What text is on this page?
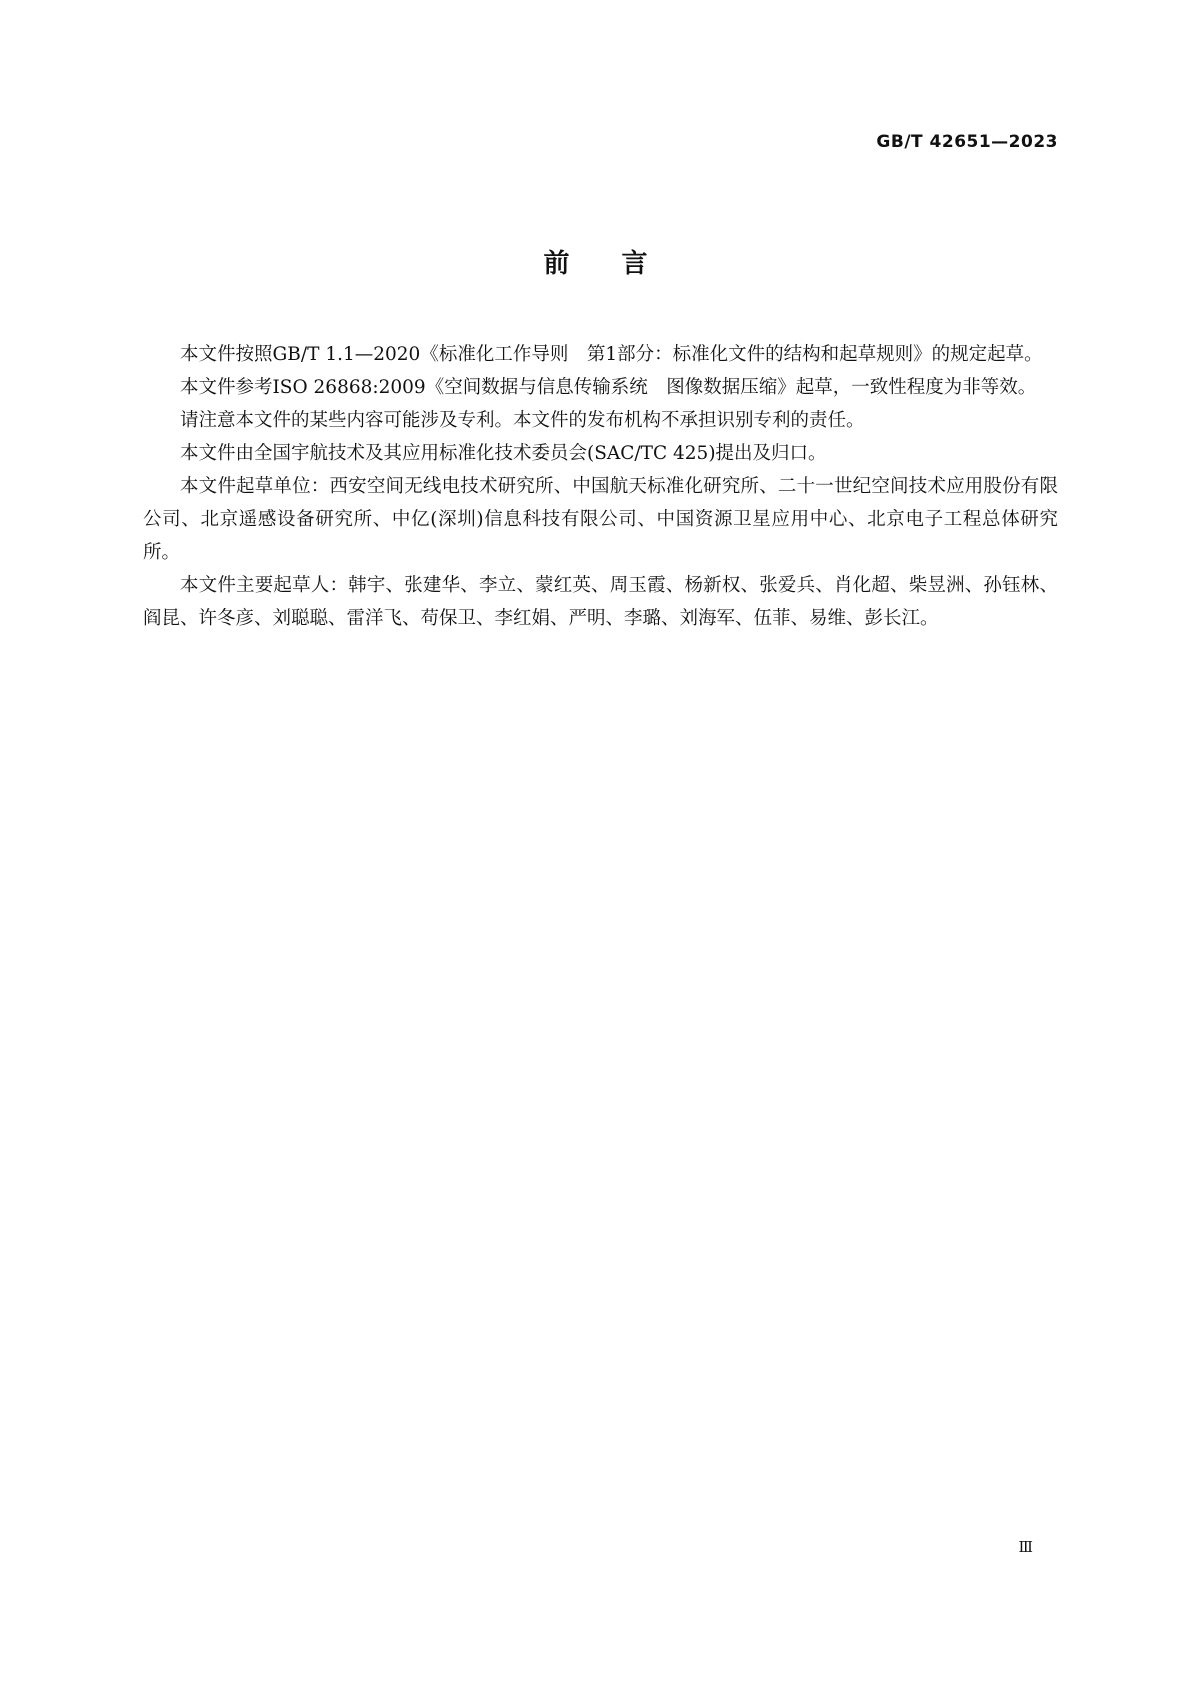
GB/T 42651—2023
前言

本文件按照GB/T 1.1—2020《标准化工作导则　第1部分：标准化文件的结构和起草规则》的规定起草。

本文件参考ISO 26868:2009《空间数据与信息传输系统　图像数据压缩》起草，一致性程度为非等效。

请注意本文件的某些内容可能涉及专利。本文件的发布机构不承担识别专利的责任。

本文件由全国宇航技术及其应用标准化技术委员会(SAC/TC 425)提出及归口。

本文件起草单位：西安空间无线电技术研究所、中国航天标准化研究所、二十一世纪空间技术应用股份有限公司、北京遥感设备研究所、中亿(深圳)信息科技有限公司、中国资源卫星应用中心、北京电子工程总体研究所。

本文件主要起草人：韩宇、张建华、李立、蒙红英、周玉霞、杨新权、张爱兵、肖化超、柴昱洲、孙钰林、阎昆、许冬彦、刘聪聪、雷洋飞、苟保卫、李红娟、严明、李璐、刘海军、伍菲、易维、彭长江。

Ⅲ
